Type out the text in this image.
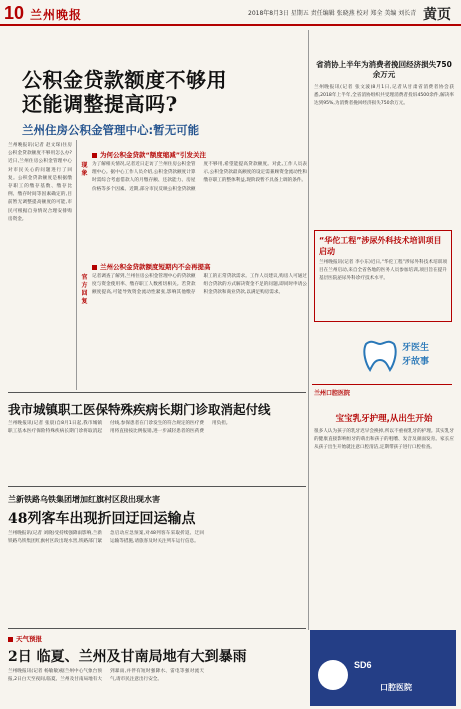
10 兰州晚报	2018年8月3日 星期五 责任编辑 张晓燕 校对 郑全 美编 刘长青 黄页
公积金贷款额度不够用
还能调整提高吗?
兰州住房公积金管理中心:暂无可能
兰州晚报讯(记者 赵文琛)住房公积金贷款额度不够用怎么办?近日,兰州住房公积金管理中心对市民关心的问题进行了回复。公积金贷款额度是根据缴存职工的缴存基数、缴存比例、缴存时间等因素确定的,目前暂无调整提高额度的可能,市民可根据自身情况合理安排购房资金。
为何公积金贷款“额度缩减”引发关注
现象
为了解相关情况,记者近日走访了兰州住房公积金管理中心。据中心工作人员介绍,公积金贷款额度计算时需综合考虑借款人的月缴存额、还款能力、房屋价格等多个因素。近期,部分市民反映公积金贷款额度不够用,希望能提高贷款额度。对此,工作人员表示,公积金贷款最高额度的设定需兼顾资金流动性和缴存职工的整体利益,现阶段暂不具备上调的条件。
兰州公积金贷款额度短期内不会再提高
官方回复
记者调查了解到,兰州住房公积金管理中心的贷款额度与资金使用率、缴存职工人数密切相关。若贷款额度提高,可能导致资金流动性紧张,影响其他缴存职工的正常贷款需求。工作人员建议,购房人可通过组合贷款的方式解决资金不足的问题,即同时申请公积金贷款和商业贷款,以满足购房需求。
省消协上半年为消费者挽回经济损失750余万元
兰州晚报讯(记者 张文波)8月1日,记者从甘肃省消费者协会获悉,2018年上半年,全省消协组织共受理消费者投诉4500余件,解决率达到95%,为消费者挽回经济损失750余万元。
“华佗工程”涉尿外科技术培训项目启动
兰州晚报讯(记者 李小东)近日,“华佗工程”涉尿外科技术培训项目在兰州启动,来自全省各地的医务人员参加培训,项目旨在提升基层医院泌尿外科诊疗技术水平。
牙医生
牙故事
兰州口腔医院
宝宝乳牙护理,从出生开始
很多人认为孩子的乳牙迟早会换掉,所以不重视乳牙的护理。其实乳牙的健康直接影响恒牙的萌出和孩子的咀嚼、发音及颜面发育。家长应从孩子出生开始就注意口腔清洁,定期带孩子进行口腔检查。
SD6
口腔医院
我市城镇职工医保特殊疾病长期门诊取消起付线
兰州晚报讯(记者 张晨)自8月1日起,我市城镇职工基本医疗保险特殊疾病长期门诊将取消起付线,参保患者在门诊发生的符合规定的医疗费用将直接按比例报销,进一步减轻患者的医药费用负担。
兰新铁路乌铁集团增加红旗村区段出现水害
48列客车出现折回迂回运输点
兰州晚报讯(记者 刘晓)受持续强降雨影响,兰新铁路乌铁集团红旗村区段出现水害,铁路部门紧急启动应急预案,对48列客车采取折返、迂回运输等措施,请旅客及时关注列车运行信息。
天气预报
2日 临夏、兰州及甘南局地有大到暴雨
兰州晚报讯(记者 杨敏敏)据兰州中心气象台预报,2日白天至夜间,临夏、兰州及甘南局地有大到暴雨,并伴有短时强降水、雷电等强对流天气,请市民注意出行安全。
